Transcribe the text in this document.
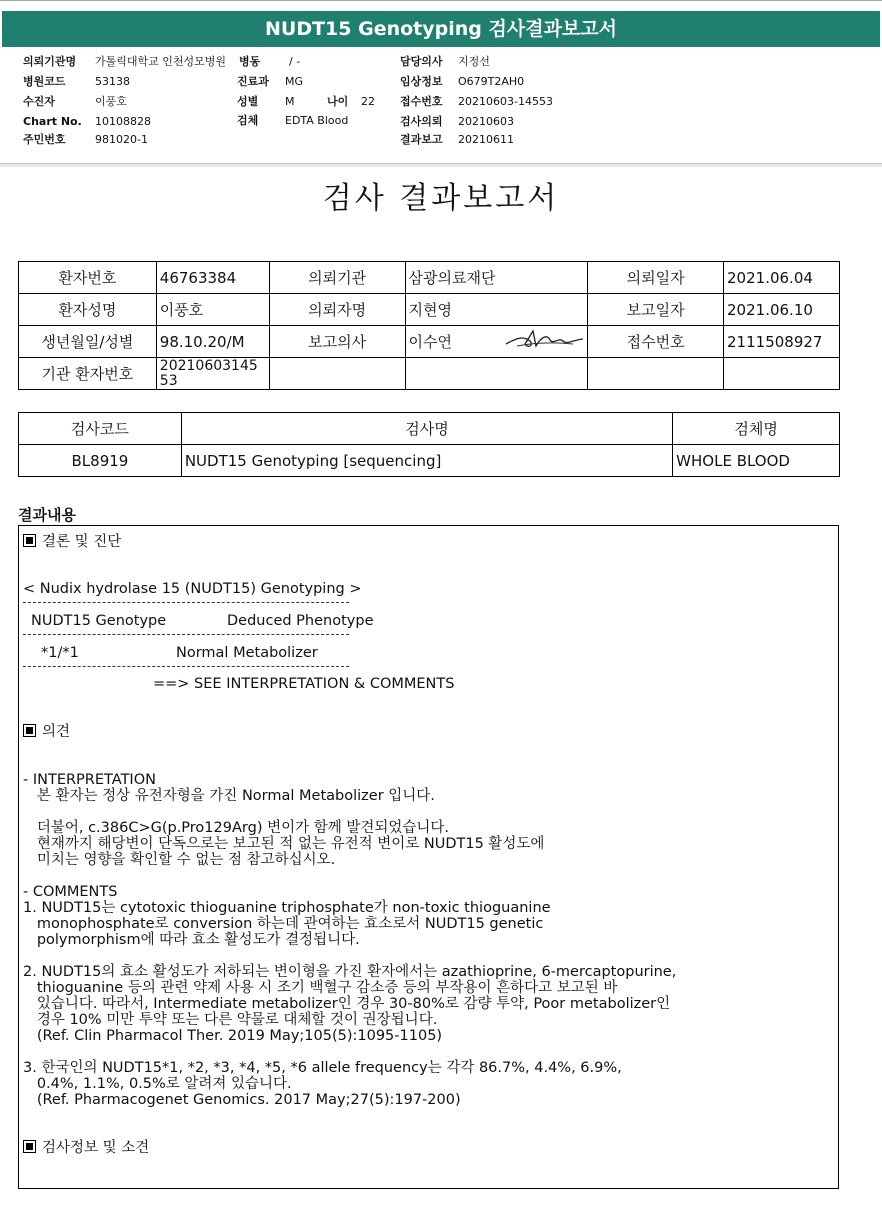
NUDT15 Genotyping 검사결과보고서
의뢰기관명 가톨릭대학교 인천성모병원
병원코드	53138
수진자	이풍호
Chart No. 10108828
주민번호	981020-1
병동	/ -
진료과 MG
성별 M	나이 22
검체 EDTA Blood
담당의사 지정선
임상정보 O679T2AH0
접수번호 20210603-14553
검사의뢰 20210603
결과보고 20210611
검사 결과보고서
환자번호	46763384	의뢰기관	삼광의료재단	의뢰일자	2021.06.04
환자성명	이풍호	의뢰자명	지현영	보고일자	2021.06.10
생년월일/성별	98.10.20/M	보고의사	이수연	접수번호	2111508927
기관 환자번호	20210603145
53				
검사코드	검사명	검체명
BL8919	NUDT15 Genotyping [sequencing]	WHOLE BLOOD
결과내용
결론 및 진단
< Nudix hydrolase 15 (NUDT15) Genotyping >
NUDT15 Genotype	Deduced Phenotype
*1/*1	Normal Metabolizer
==> SEE INTERPRETATION & COMMENTS
의견
- INTERPRETATION
본 환자는 정상 유전자형을 가진 Normal Metabolizer 입니다.
더불어, c.386C>G(p.Pro129Arg) 변이가 함께 발견되었습니다.
현재까지 해당변이 단독으로는 보고된 적 없는 유전적 변이로 NUDT15 활성도에
미치는 영향을 확인할 수 없는 점 참고하십시오.
- COMMENTS
1. NUDT15는 cytotoxic thioguanine triphosphate가 non-toxic thioguanine
monophosphate로 conversion 하는데 관여하는 효소로서 NUDT15 genetic
polymorphism에 따라 효소 활성도가 결정됩니다.
2. NUDT15의 효소 활성도가 저하되는 변이형을 가진 환자에서는 azathioprine, 6-mercaptopurine,
thioguanine 등의 관련 약제 사용 시 조기 백혈구 감소증 등의 부작용이 흔하다고 보고된 바
있습니다. 따라서, Intermediate metabolizer인 경우 30-80%로 감량 투약, Poor metabolizer인
경우 10% 미만 투약 또는 다른 약물로 대체할 것이 권장됩니다.
(Ref. Clin Pharmacol Ther. 2019 May;105(5):1095-1105)
3. 한국인의 NUDT15*1, *2, *3, *4, *5, *6 allele frequency는 각각 86.7%, 4.4%, 6.9%,
0.4%, 1.1%, 0.5%로 알려져 있습니다.
(Ref. Pharmacogenet Genomics. 2017 May;27(5):197-200)
검사정보 및 소견
